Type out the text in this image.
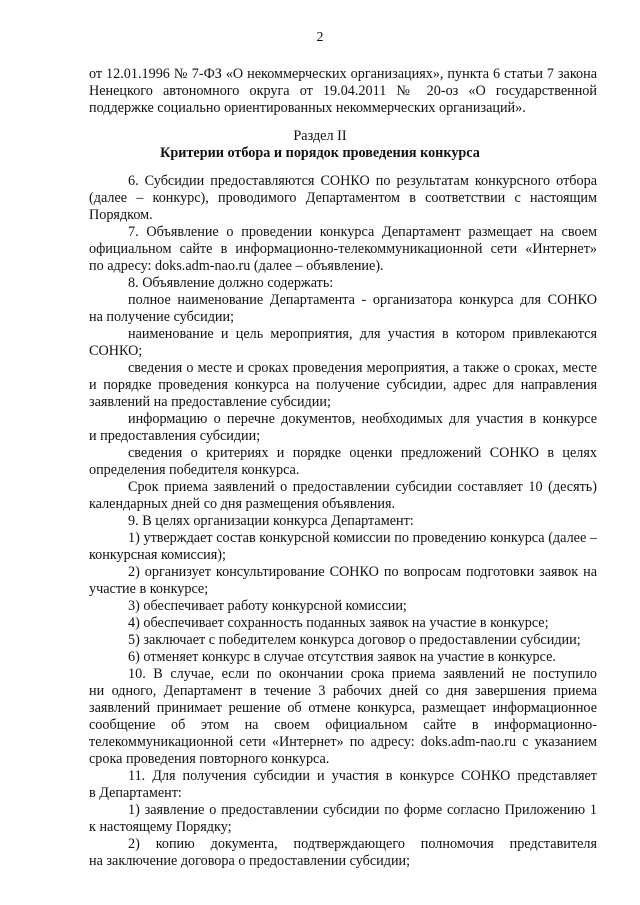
2
от 12.01.1996 № 7-ФЗ «О некоммерческих организациях», пункта 6 статьи 7 закона
Ненецкого автономного округа от 19.04.2011 № 20-оз «О государственной
поддержке социально ориентированных некоммерческих организаций».
Раздел II
Критерии отбора и порядок проведения конкурса
6. Субсидии предоставляются СОНКО по результатам конкурсного отбора
(далее – конкурс), проводимого Департаментом в соответствии с настоящим
Порядком.
7. Объявление о проведении конкурса Департамент размещает на своем
официальном сайте в информационно-телекоммуникационной сети «Интернет»
по адресу: doks.adm-nao.ru (далее – объявление).
8. Объявление должно содержать:
полное наименование Департамента - организатора конкурса для СОНКО
на получение субсидии;
наименование и цель мероприятия, для участия в котором привлекаются
СОНКО;
сведения о месте и сроках проведения мероприятия, а также о сроках, месте
и порядке проведения конкурса на получение субсидии, адрес для направления
заявлений на предоставление субсидии;
информацию о перечне документов, необходимых для участия в конкурсе
и предоставления субсидии;
сведения о критериях и порядке оценки предложений СОНКО в целях
определения победителя конкурса.
Срок приема заявлений о предоставлении субсидии составляет 10 (десять)
календарных дней со дня размещения объявления.
9. В целях организации конкурса Департамент:
1) утверждает состав конкурсной комиссии по проведению конкурса (далее –
конкурсная комиссия);
2) организует консультирование СОНКО по вопросам подготовки заявок на
участие в конкурсе;
3) обеспечивает работу конкурсной комиссии;
4) обеспечивает сохранность поданных заявок на участие в конкурсе;
5) заключает с победителем конкурса договор о предоставлении субсидии;
6) отменяет конкурс в случае отсутствия заявок на участие в конкурсе.
10. В случае, если по окончании срока приема заявлений не поступило
ни одного, Департамент в течение 3 рабочих дней со дня завершения приема
заявлений принимает решение об отмене конкурса, размещает информационное
сообщение об этом на своем официальном сайте в информационно-
телекоммуникационной сети «Интернет» по адресу: doks.adm-nao.ru с указанием
срока проведения повторного конкурса.
11. Для получения субсидии и участия в конкурсе СОНКО представляет
в Департамент:
1) заявление о предоставлении субсидии по форме согласно Приложению 1
к настоящему Порядку;
2) копию документа, подтверждающего полномочия представителя
на заключение договора о предоставлении субсидии;
